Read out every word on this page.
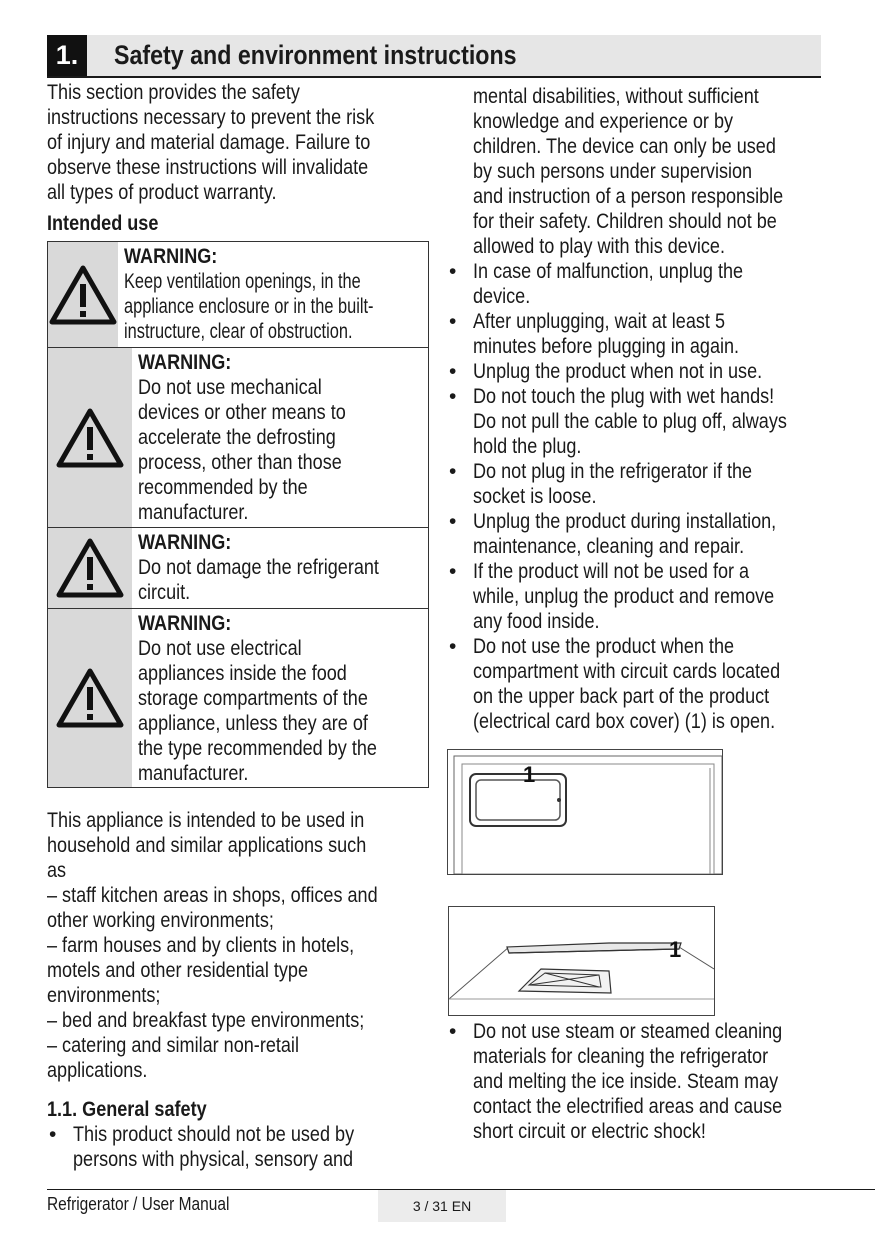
1.	Safety and environment instructions
This section provides the safety
instructions necessary to prevent the risk
of injury and material damage. Failure to
observe these instructions will invalidate
all types of product warranty.
Intended use
WARNING:
Keep ventilation openings, in the
appliance enclosure or in the built-
instructure, clear of obstruction.
WARNING:
Do not use mechanical
devices or other means to
accelerate the defrosting
process, other than those
recommended by the
manufacturer.
WARNING:
Do not damage the refrigerant
circuit.
WARNING:
Do not use electrical
appliances inside the food
storage compartments of the
appliance, unless they are of
the type recommended by the
manufacturer.
This appliance is intended to be used in
household and similar applications such
as
– staff kitchen areas in shops, offices and
other working environments;
– farm houses and by clients in hotels,
motels and other residential type
environments;
– bed and breakfast type environments;
– catering and similar non-retail
applications.
1.1. General safety
• This product should not be used by
persons with physical, sensory and
mental disabilities, without sufficient
knowledge and experience or by
children. The device can only be used
by such persons under supervision
and instruction of a person responsible
for their safety. Children should not be
allowed to play with this device.
• In case of malfunction, unplug the
device.
• After unplugging, wait at least 5
minutes before plugging in again.
• Unplug the product when not in use.
• Do not touch the plug with wet hands!
Do not pull the cable to plug off, always
hold the plug.
• Do not plug in the refrigerator if the
socket is loose.
• Unplug the product during installation,
maintenance, cleaning and repair.
• If the product will not be used for a
while, unplug the product and remove
any food inside.
• Do not use the product when the
compartment with circuit cards located
on the upper back part of the product
(electrical card box cover) (1) is open.
1
1
• Do not use steam or steamed cleaning
materials for cleaning the refrigerator
and melting the ice inside. Steam may
contact the electrified areas and cause
short circuit or electric shock!
Refrigerator / User Manual	3 / 31 EN
